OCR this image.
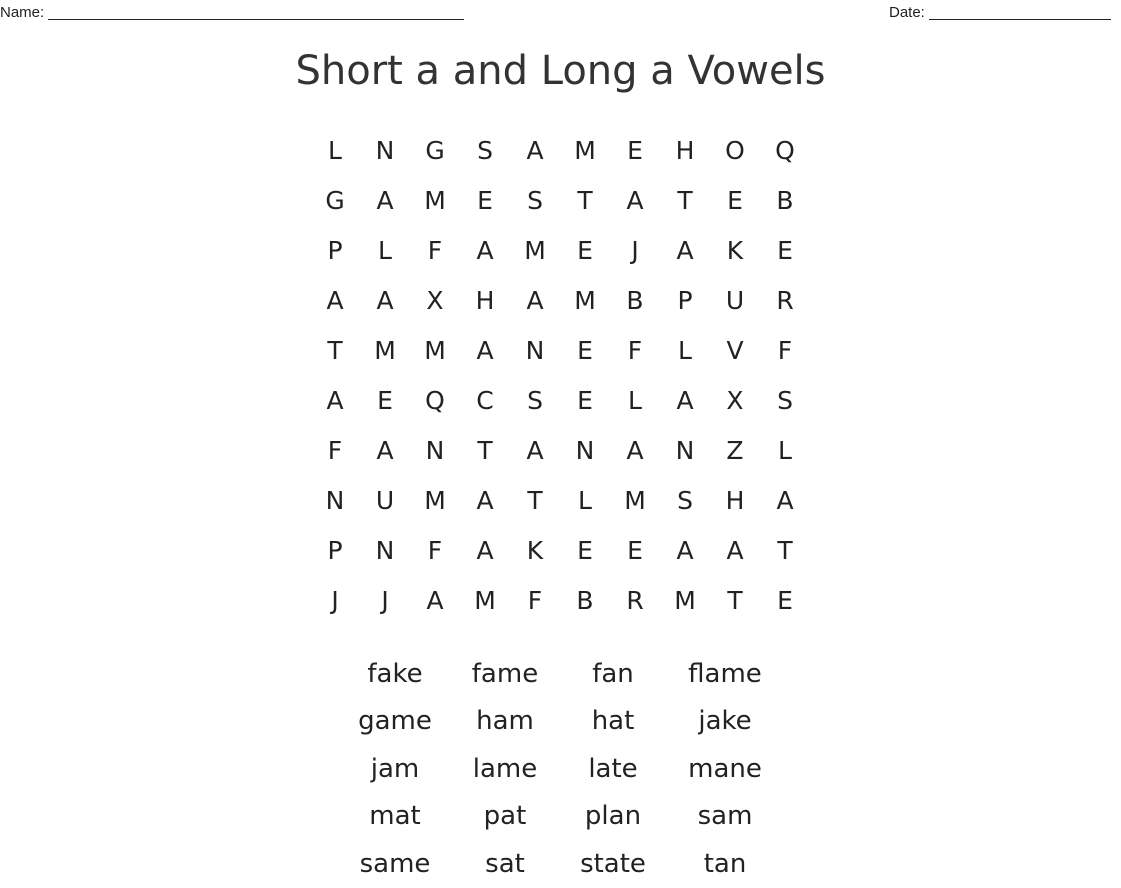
Name:	Date:
Short a and Long a Vowels
L	N	G	S	A	M	E	H	O	Q
G	A	M	E	S	T	A	T	E	B
P	L	F	A	M	E	J	A	K	E
A	A	X	H	A	M	B	P	U	R
T	M	M	A	N	E	F	L	V	F
A	E	Q	C	S	E	L	A	X	S
F	A	N	T	A	N	A	N	Z	L
N	U	M	A	T	L	M	S	H	A
P	N	F	A	K	E	E	A	A	T
J	J	A	M	F	B	R	M	T	E
fake	fame	fan	flame
game	ham	hat	jake
jam	lame	late	mane
mat	pat	plan	sam
same	sat	state	tan
